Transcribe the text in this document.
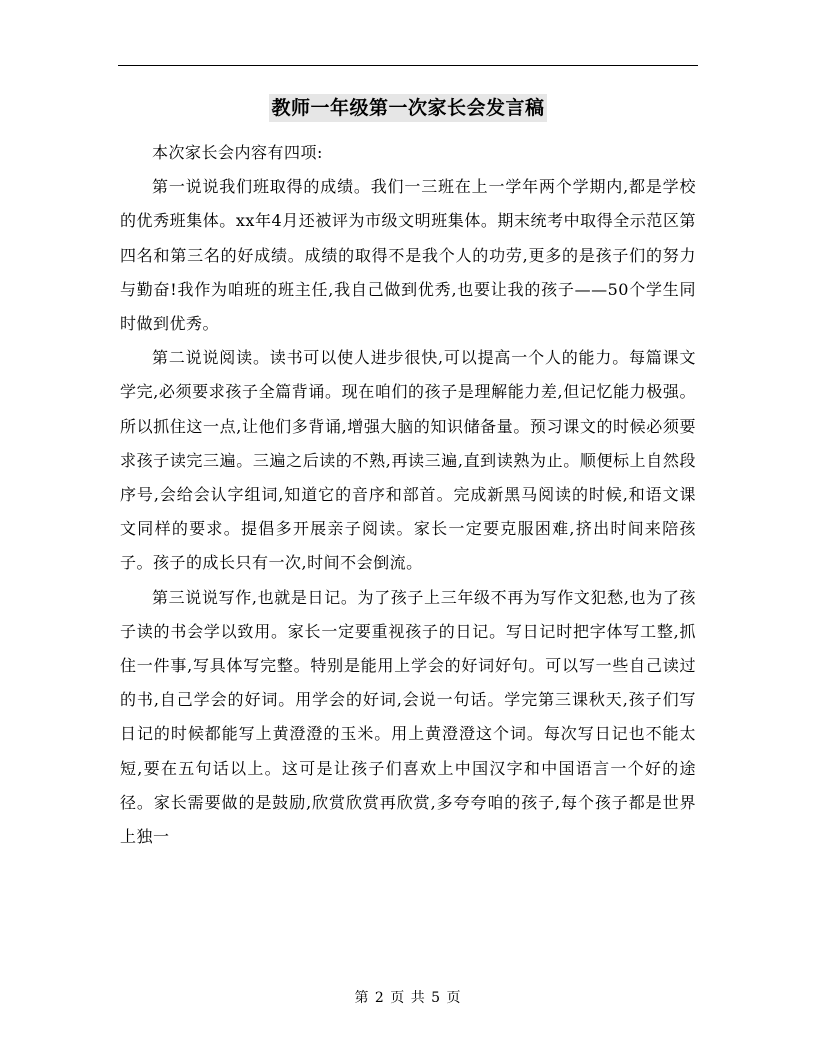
教师一年级第一次家长会发言稿

本次家长会内容有四项:

第一说说我们班取得的成绩。我们一三班在上一学年两个学期内,都是学校的优秀班集体。xx年4月还被评为市级文明班集体。期末统考中取得全示范区第四名和第三名的好成绩。成绩的取得不是我个人的功劳,更多的是孩子们的努力与勤奋!我作为咱班的班主任,我自己做到优秀,也要让我的孩子——50个学生同时做到优秀。

第二说说阅读。读书可以使人进步很快,可以提高一个人的能力。每篇课文学完,必须要求孩子全篇背诵。现在咱们的孩子是理解能力差,但记忆能力极强。所以抓住这一点,让他们多背诵,增强大脑的知识储备量。预习课文的时候必须要求孩子读完三遍。三遍之后读的不熟,再读三遍,直到读熟为止。顺便标上自然段序号,会给会认字组词,知道它的音序和部首。完成新黑马阅读的时候,和语文课文同样的要求。提倡多开展亲子阅读。家长一定要克服困难,挤出时间来陪孩子。孩子的成长只有一次,时间不会倒流。

第三说说写作,也就是日记。为了孩子上三年级不再为写作文犯愁,也为了孩子读的书会学以致用。家长一定要重视孩子的日记。写日记时把字体写工整,抓住一件事,写具体写完整。特别是能用上学会的好词好句。可以写一些自己读过的书,自己学会的好词。用学会的好词,会说一句话。学完第三课秋天,孩子们写日记的时候都能写上黄澄澄的玉米。用上黄澄澄这个词。每次写日记也不能太短,要在五句话以上。这可是让孩子们喜欢上中国汉字和中国语言一个好的途径。家长需要做的是鼓励,欣赏欣赏再欣赏,多夸夸咱的孩子,每个孩子都是世界上独一

第 2 页 共 5 页
